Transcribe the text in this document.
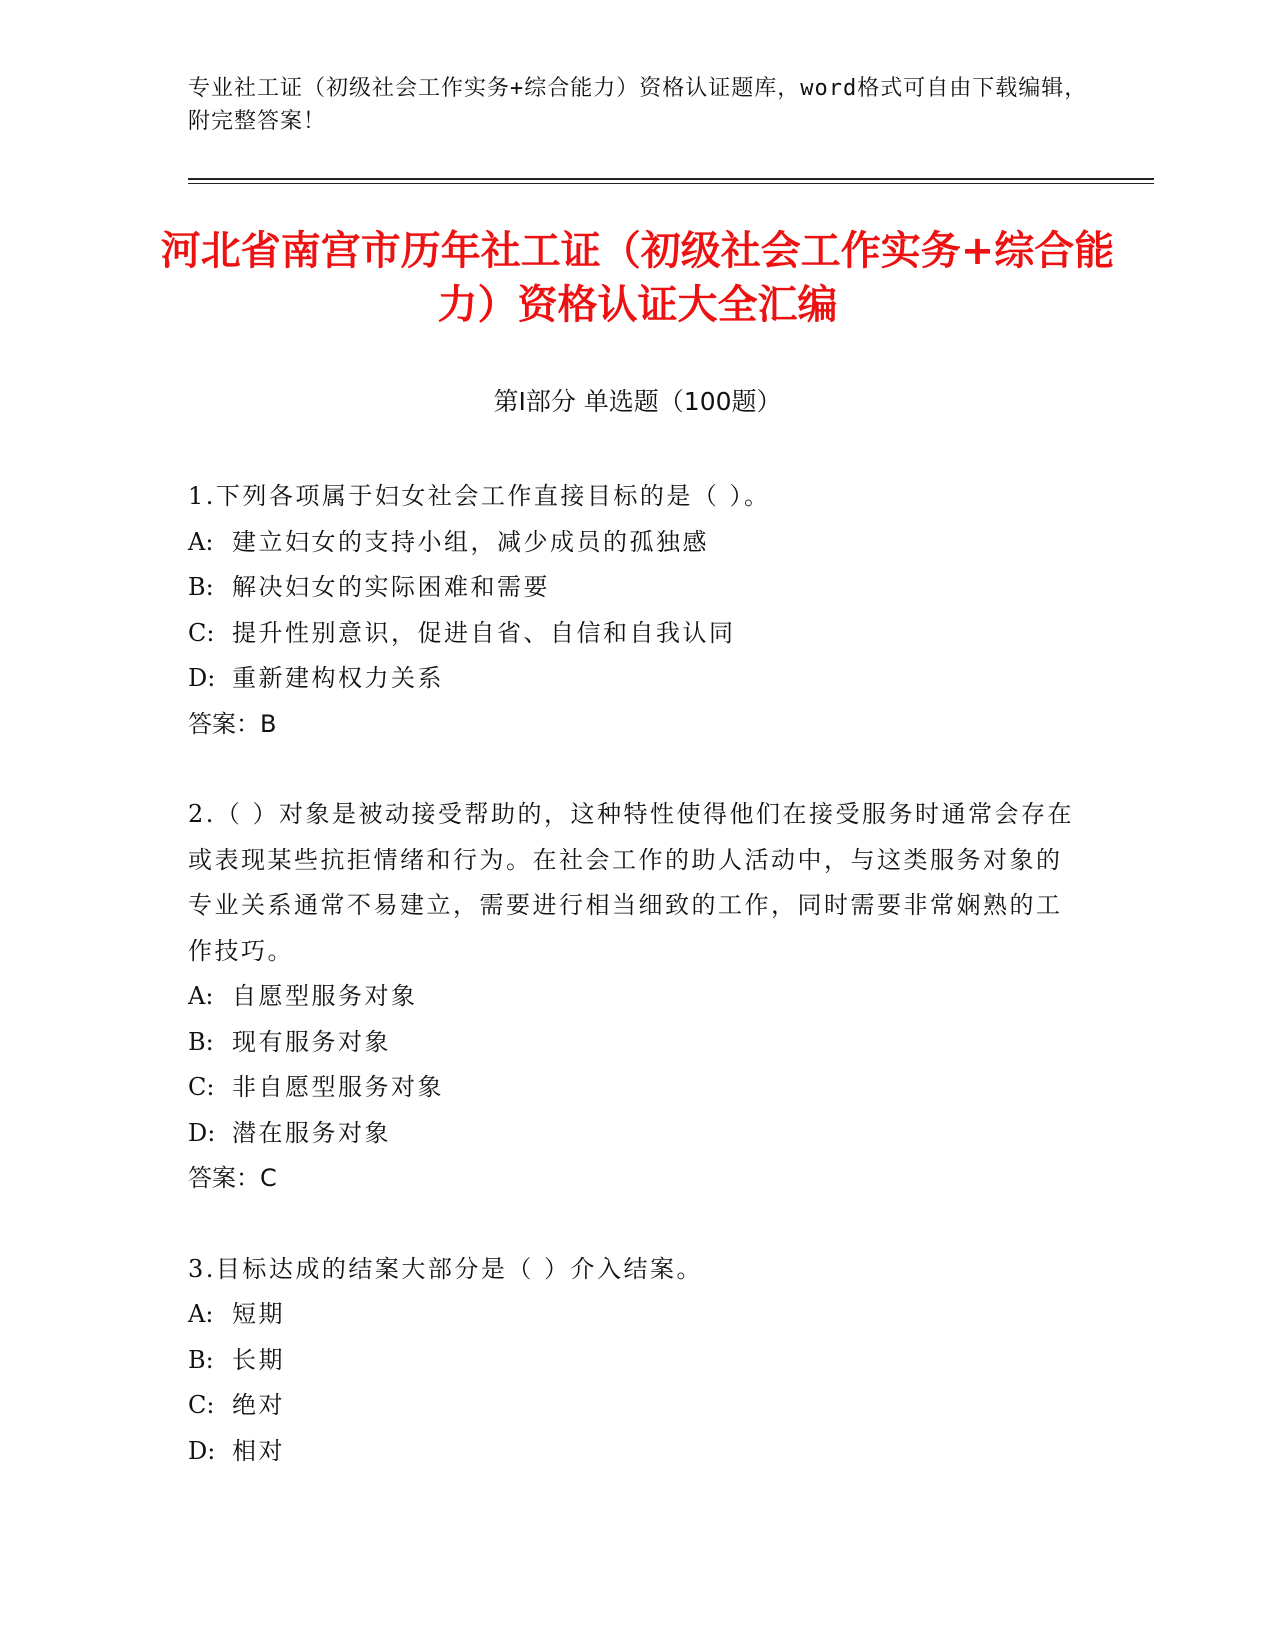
专业社工证（初级社会工作实务+综合能力）资格认证题库，word格式可自由下载编辑，附完整答案！
河北省南宫市历年社工证（初级社会工作实务+综合能力）资格认证大全汇编
第Ⅰ部分 单选题（100题）
1.下列各项属于妇女社会工作直接目标的是（ ）。
A: 建立妇女的支持小组，减少成员的孤独感
B: 解决妇女的实际困难和需要
C: 提升性别意识，促进自省、自信和自我认同
D: 重新建构权力关系
答案：B
2.（ ）对象是被动接受帮助的，这种特性使得他们在接受服务时通常会存在或表现某些抗拒情绪和行为。在社会工作的助人活动中，与这类服务对象的专业关系通常不易建立，需要进行相当细致的工作，同时需要非常娴熟的工作技巧。
A: 自愿型服务对象
B: 现有服务对象
C: 非自愿型服务对象
D: 潜在服务对象
答案：C
3.目标达成的结案大部分是（ ）介入结案。
A: 短期
B: 长期
C: 绝对
D: 相对
